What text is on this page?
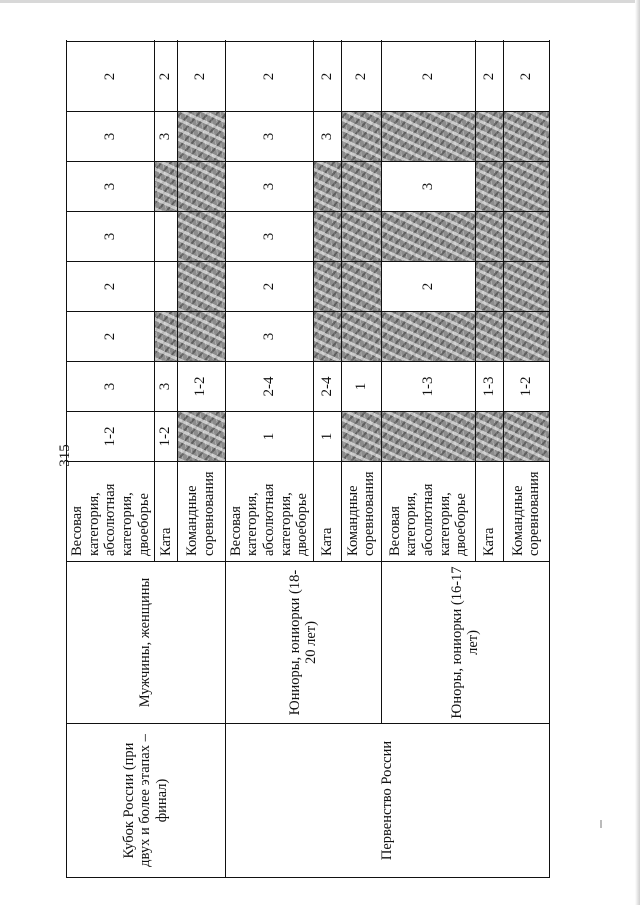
315
Кубок России (при двух и более этапах – финал)	Мужчины, женщины	Весовая категория, абсолютная категория, двоеборье	1-2	3	2	2	3	3	3	2
		Ката	1-2	3					3	2
		Командные соревнования		1-2						2
Первенство России	Юниоры, юниорки (18-20 лет)	Весовая категория, абсолютная категория, двоеборье	1	2-4	3	2	3	3	3	2
		Ката	1	2-4					3	2
		Командные соревнования		1						2
	Юноры, юниорки (16-17 лет)	Весовая категория, абсолютная категория, двоеборье		1-3		2		3		2
		Ката		1-3						2
		Командные соревнования		1-2						2
